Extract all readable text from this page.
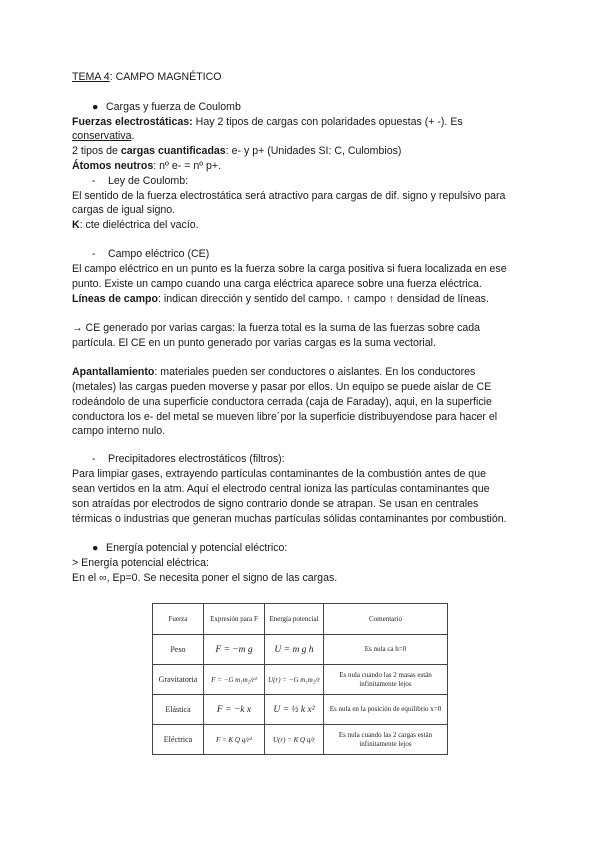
TEMA 4: CAMPO MAGNÉTICO
● Cargas y fuerza de Coulomb
Fuerzas electrostáticas: Hay 2 tipos de cargas con polaridades opuestas (+ -). Es
conservativa.
2 tipos de cargas cuantificadas: e- y p+ (Unidades SI: C, Culombios)
Átomos neutros: nº e- = nº p+.
- Ley de Coulomb:
El sentido de la fuerza electrostática será atractivo para cargas de dif. signo y repulsivo para
cargas de igual signo.
K: cte dieléctrica del vacío.
- Campo eléctrico (CE)
El campo eléctrico en un punto es la fuerza sobre la carga positiva si fuera localizada en ese
punto. Existe un campo cuando una carga eléctrica aparece sobre una fuerza eléctrica.
Líneas de campo: indican dirección y sentido del campo. ↑ campo ↑ densidad de líneas.
→ CE generado por varias cargas: la fuerza total es la suma de las fuerzas sobre cada
partícula. El CE en un punto generado por varias cargas es la suma vectorial.
Apantallamiento: materiales pueden ser conductores o aislantes. En los conductores
(metales) las cargas pueden moverse y pasar por ellos. Un equipo se puede aislar de CE
rodeándolo de una superficie conductora cerrada (caja de Faraday), aqui, en la superficie
conductora los e- del metal se mueven libre´por la superficie distribuyendose para hacer el
campo interno nulo.
- Precipitadores electrostáticos (filtros):
Para limpiar gases, extrayendo partículas contaminantes de la combustión antes de que
sean vertidos en la atm. Aquí el electrodo central ioniza las partículas contaminantes que
son atraídas por electrodos de signo contrario donde se atrapan. Se usan en centrales
térmicas o industrias que generan muchas partículas sólidas contaminantes por combustión.
● Energía potencial y potencial eléctrico:
> Energía potencial eléctrica:
En el ∞, Ep=0. Se necesita poner el signo de las cargas.
Fuerza	Expresión para F	Energía potencial	Comentario
Peso	F = −m g	U = m g h	Es nula ca h=0
Gravitatoria	F = −G m₁m₂/r²	U(r) = −G m₁m₂/r	Es nula cuando las 2 masas están infinitamente lejos
Elástica	F = −k x	U = ½ k x²	Es nula en la posición de equilibrio x=0
Eléctrica	F = K Q q/r²	U(r) = K Q q/r	Es nula cuando las 2 cargas están infinitamente lejos
